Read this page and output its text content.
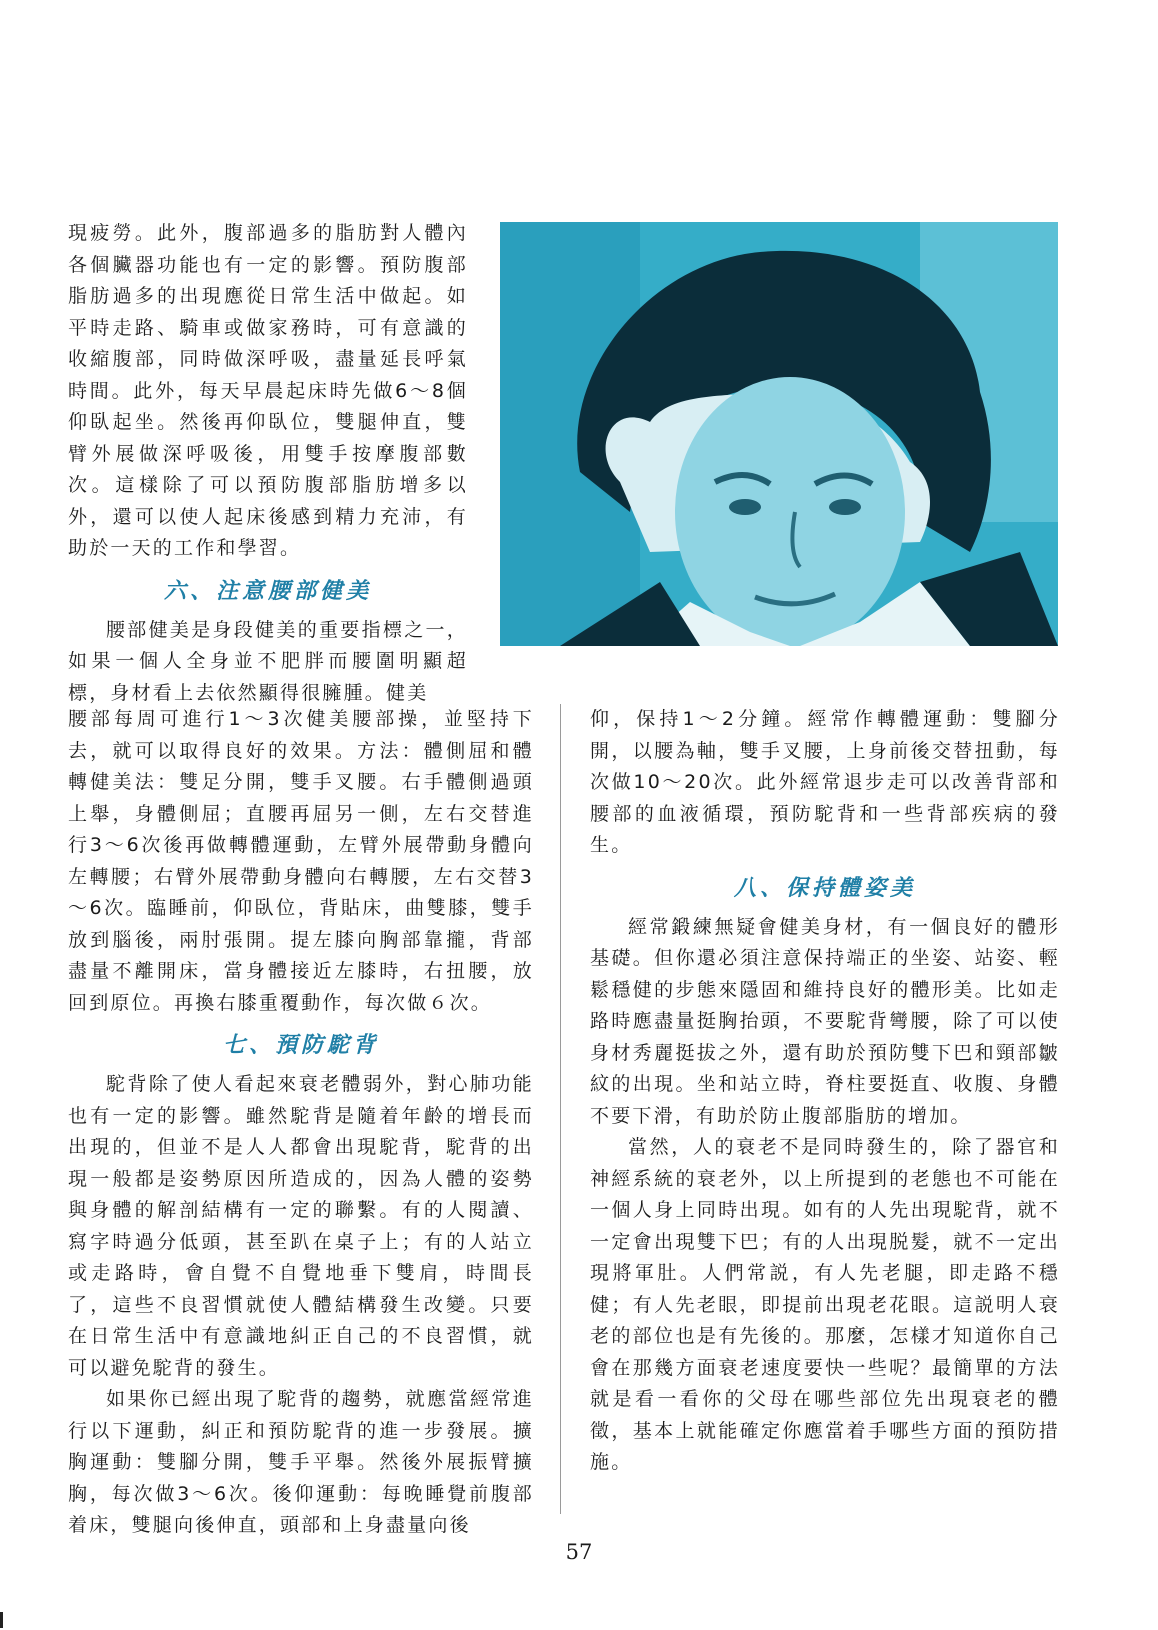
現疲勞。此外，腹部過多的脂肪對人體內各個臟器功能也有一定的影響。預防腹部脂肪過多的出現應從日常生活中做起。如平時走路、騎車或做家務時，可有意識的收縮腹部，同時做深呼吸，盡量延長呼氣時間。此外，每天早晨起床時先做6～8個仰臥起坐。然後再仰臥位，雙腿伸直，雙臂外展做深呼吸後，用雙手按摩腹部數次。這樣除了可以預防腹部脂肪增多以外，還可以使人起床後感到精力充沛，有助於一天的工作和學習。

六、注意腰部健美

腰部健美是身段健美的重要指標之一，如果一個人全身並不肥胖而腰圍明顯超標，身材看上去依然顯得很臃腫。健美

腰部每周可進行1～3次健美腰部操，並堅持下去，就可以取得良好的效果。方法：體側屈和體轉健美法：雙足分開，雙手叉腰。右手體側過頭上舉，身體側屈；直腰再屈另一側，左右交替進行3～6次後再做轉體運動，左臂外展帶動身體向左轉腰；右臂外展帶動身體向右轉腰，左右交替3～6次。臨睡前，仰臥位，背貼床，曲雙膝，雙手放到腦後，兩肘張開。提左膝向胸部靠攏，背部盡量不離開床，當身體接近左膝時，右扭腰，放回到原位。再換右膝重覆動作，每次做６次。

七、預防駝背

駝背除了使人看起來衰老體弱外，對心肺功能也有一定的影響。雖然駝背是隨着年齡的增長而出現的，但並不是人人都會出現駝背，駝背的出現一般都是姿勢原因所造成的，因為人體的姿勢與身體的解剖結構有一定的聯繫。有的人閱讀、寫字時過分低頭，甚至趴在桌子上；有的人站立或走路時，會自覺不自覺地垂下雙肩，時間長了，這些不良習慣就使人體結構發生改變。只要在日常生活中有意識地糾正自己的不良習慣，就可以避免駝背的發生。

如果你已經出現了駝背的趨勢，就應當經常進行以下運動，糾正和預防駝背的進一步發展。擴胸運動：雙腳分開，雙手平舉。然後外展振臂擴胸，每次做3～6次。後仰運動：每晚睡覺前腹部着床，雙腿向後伸直，頭部和上身盡量向後

仰，保持1～2分鐘。經常作轉體運動：雙腳分開，以腰為軸，雙手叉腰，上身前後交替扭動，每次做10～20次。此外經常退步走可以改善背部和腰部的血液循環，預防駝背和一些背部疾病的發生。

八、保持體姿美

經常鍛練無疑會健美身材，有一個良好的體形基礎。但你還必須注意保持端正的坐姿、站姿、輕鬆穩健的步態來隱固和維持良好的體形美。比如走路時應盡量挺胸抬頭，不要駝背彎腰，除了可以使身材秀麗挺拔之外，還有助於預防雙下巴和頸部皺紋的出現。坐和站立時，脊柱要挺直、收腹、身體不要下滑，有助於防止腹部脂肪的增加。

當然，人的衰老不是同時發生的，除了器官和神經系統的衰老外，以上所提到的老態也不可能在一個人身上同時出現。如有的人先出現駝背，就不一定會出現雙下巴；有的人出現脱髮，就不一定出現將軍肚。人們常説，有人先老腿，即走路不穩健；有人先老眼，即提前出現老花眼。這説明人衰老的部位也是有先後的。那麼，怎樣才知道你自己會在那幾方面衰老速度要快一些呢？最簡單的方法就是看一看你的父母在哪些部位先出現衰老的體徵，基本上就能確定你應當着手哪些方面的預防措施。

57
